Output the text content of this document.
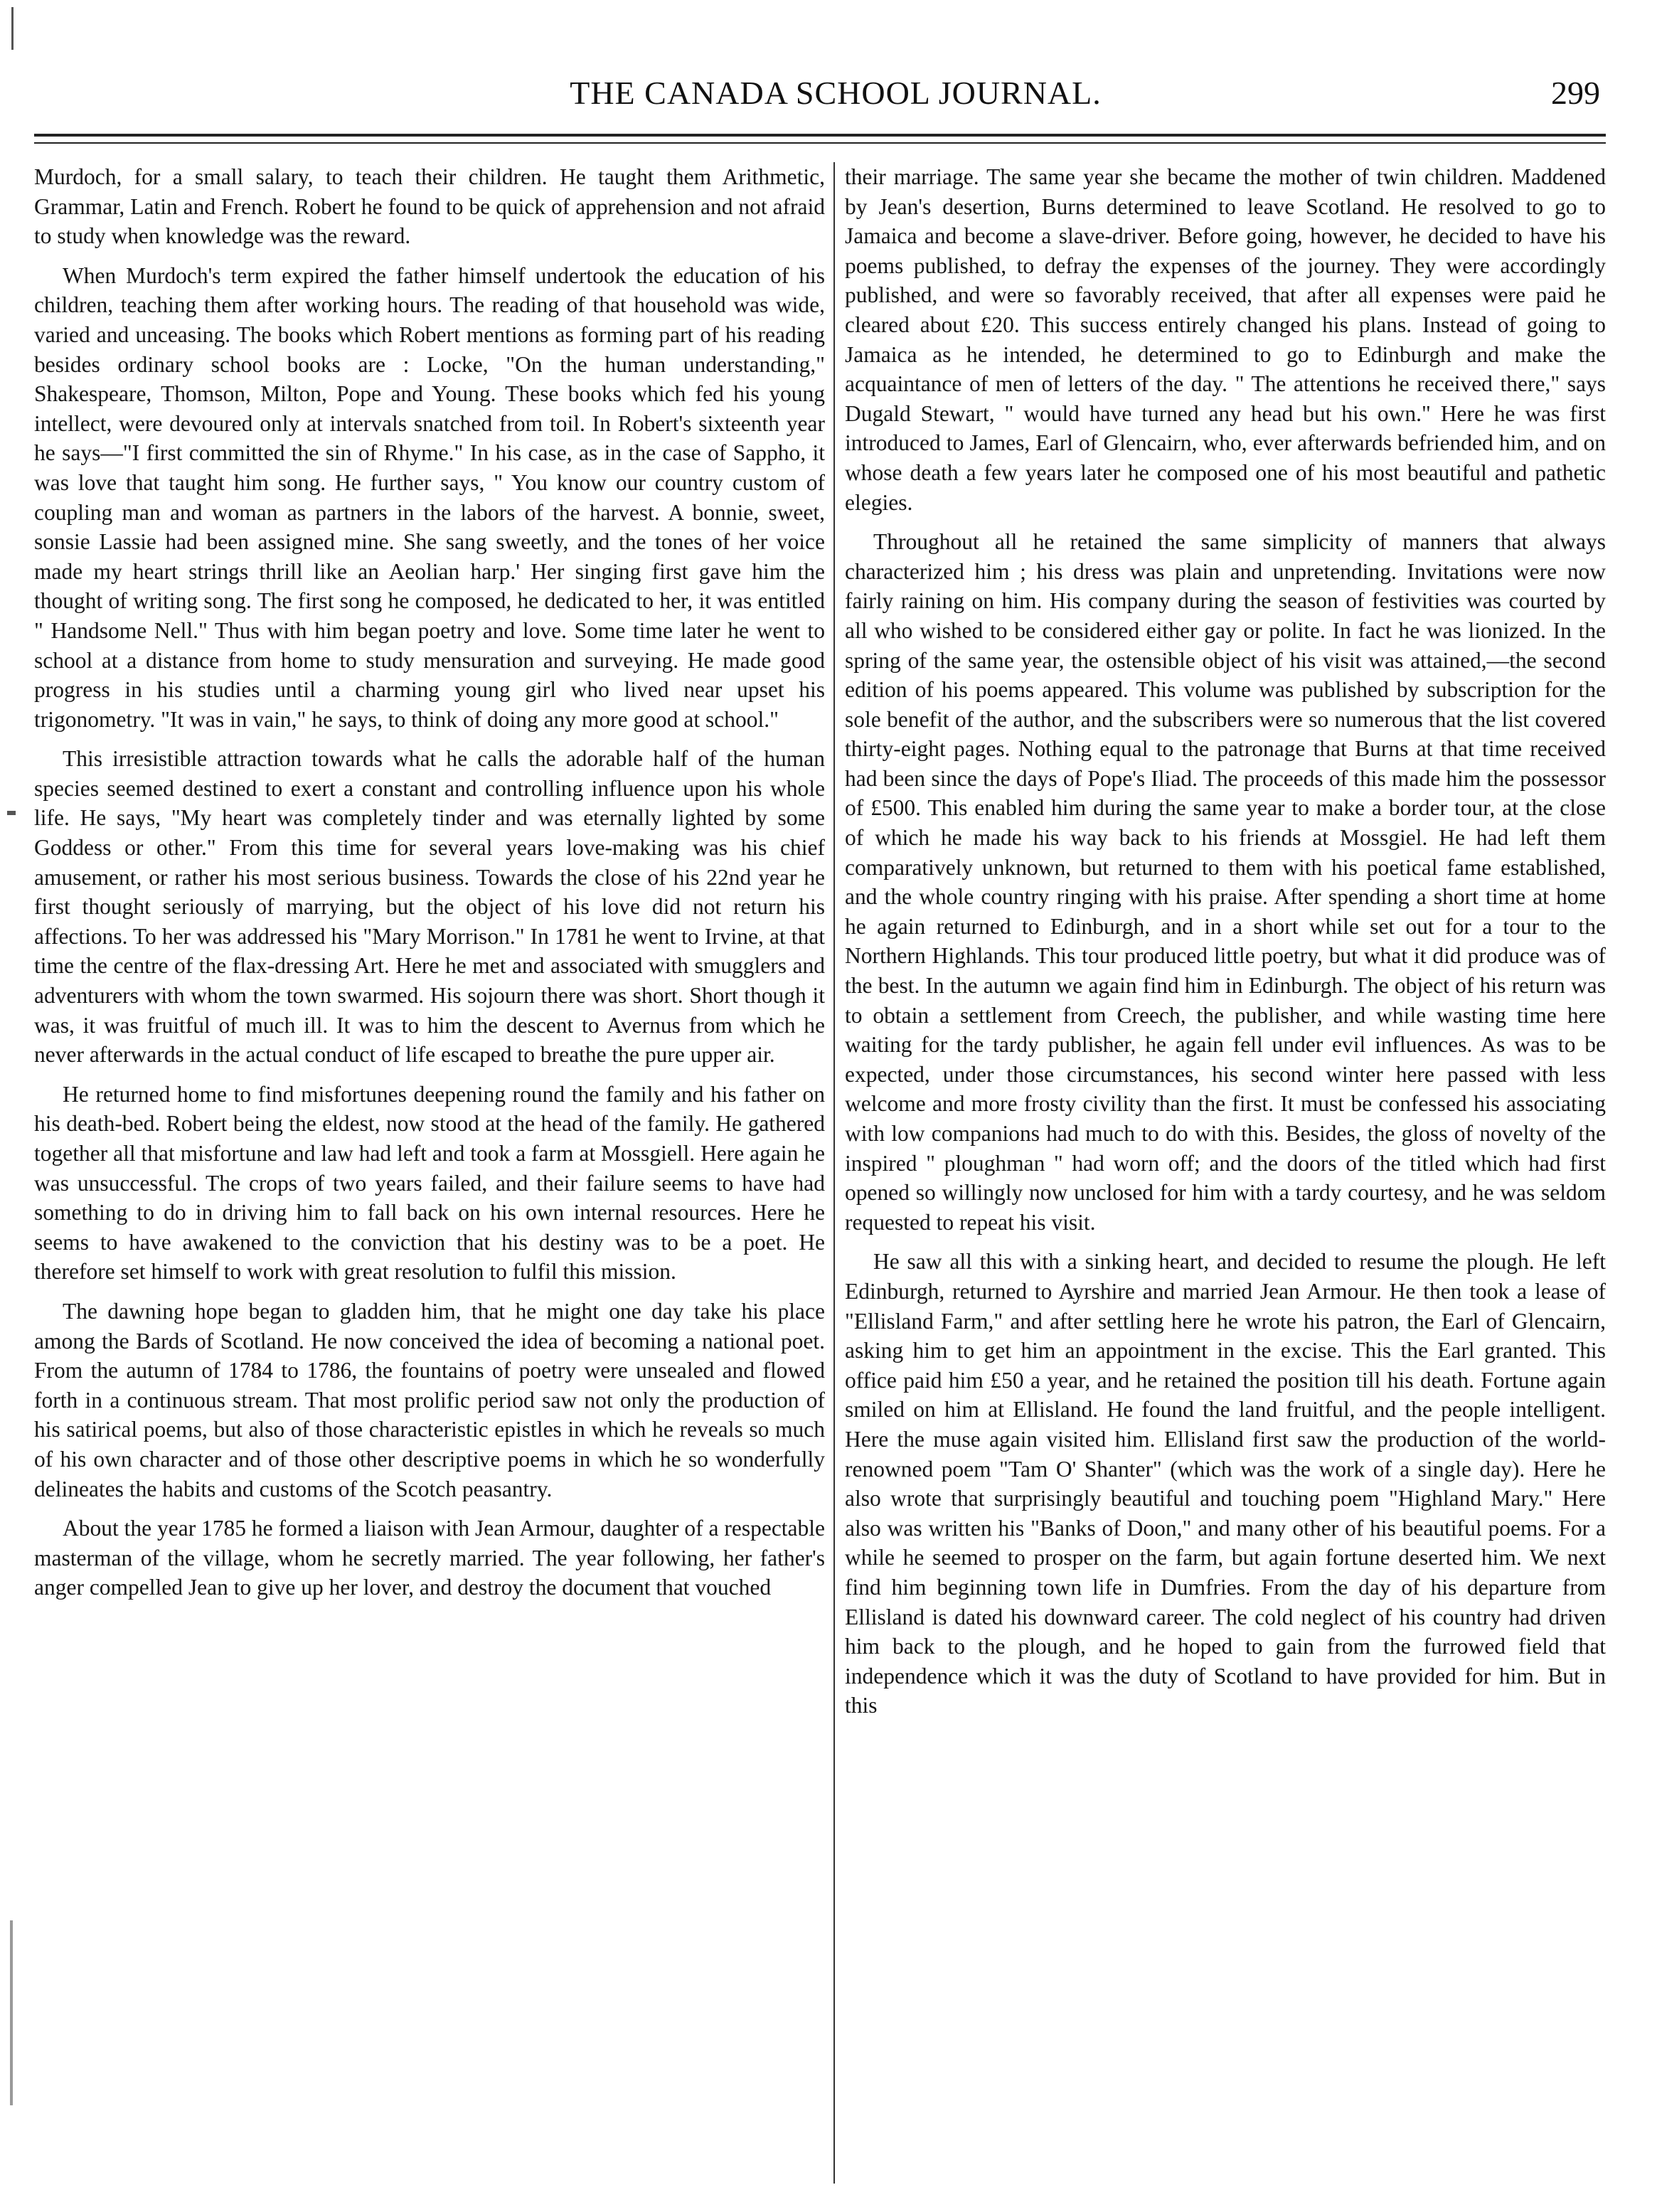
THE CANADA SCHOOL JOURNAL.	299

Murdoch, for a small salary, to teach their children. He taught them Arithmetic, Grammar, Latin and French. Robert he found to be quick of apprehension and not afraid to study when knowledge was the reward.

When Murdoch's term expired the father himself undertook the education of his children, teaching them after working hours. The reading of that household was wide, varied and unceasing. The books which Robert mentions as forming part of his reading besides ordinary school books are : Locke, "On the human understanding," Shakespeare, Thomson, Milton, Pope and Young. These books which fed his young intellect, were devoured only at intervals snatched from toil. In Robert's sixteenth year he says—"I first committed the sin of Rhyme." In his case, as in the case of Sappho, it was love that taught him song. He further says, " You know our country custom of coupling man and woman as partners in the labors of the harvest. A bonnie, sweet, sonsie Lassie had been assigned mine. She sang sweetly, and the tones of her voice made my heart strings thrill like an Aeolian harp.' Her singing first gave him the thought of writing song. The first song he composed, he dedicated to her, it was entitled " Handsome Nell." Thus with him began poetry and love. Some time later he went to school at a distance from home to study mensuration and surveying. He made good progress in his studies until a charming young girl who lived near upset his trigonometry. "It was in vain," he says, to think of doing any more good at school."

This irresistible attraction towards what he calls the adorable half of the human species seemed destined to exert a constant and controlling influence upon his whole life. He says, "My heart was completely tinder and was eternally lighted by some Goddess or other." From this time for several years love-making was his chief amusement, or rather his most serious business. Towards the close of his 22nd year he first thought seriously of marrying, but the object of his love did not return his affections. To her was addressed his "Mary Morrison." In 1781 he went to Irvine, at that time the centre of the flax-dressing Art. Here he met and associated with smugglers and adventurers with whom the town swarmed. His sojourn there was short. Short though it was, it was fruitful of much ill. It was to him the descent to Avernus from which he never afterwards in the actual conduct of life escaped to breathe the pure upper air.

He returned home to find misfortunes deepening round the family and his father on his death-bed. Robert being the eldest, now stood at the head of the family. He gathered together all that misfortune and law had left and took a farm at Mossgiell. Here again he was unsuccessful. The crops of two years failed, and their failure seems to have had something to do in driving him to fall back on his own internal resources. Here he seems to have awakened to the conviction that his destiny was to be a poet. He therefore set himself to work with great resolution to fulfil this mission.

The dawning hope began to gladden him, that he might one day take his place among the Bards of Scotland. He now conceived the idea of becoming a national poet. From the autumn of 1784 to 1786, the fountains of poetry were unsealed and flowed forth in a continuous stream. That most prolific period saw not only the production of his satirical poems, but also of those characteristic epistles in which he reveals so much of his own character and of those other descriptive poems in which he so wonderfully delineates the habits and customs of the Scotch peasantry.

About the year 1785 he formed a liaison with Jean Armour, daughter of a respectable masterman of the village, whom he secretly married. The year following, her father's anger compelled Jean to give up her lover, and destroy the document that vouched

their marriage. The same year she became the mother of twin children. Maddened by Jean's desertion, Burns determined to leave Scotland. He resolved to go to Jamaica and become a slave-driver. Before going, however, he decided to have his poems published, to defray the expenses of the journey. They were accordingly published, and were so favorably received, that after all expenses were paid he cleared about £20. This success entirely changed his plans. Instead of going to Jamaica as he intended, he determined to go to Edinburgh and make the acquaintance of men of letters of the day. " The attentions he received there," says Dugald Stewart, " would have turned any head but his own." Here he was first introduced to James, Earl of Glencairn, who, ever afterwards befriended him, and on whose death a few years later he composed one of his most beautiful and pathetic elegies.

Throughout all he retained the same simplicity of manners that always characterized him ; his dress was plain and unpretending. Invitations were now fairly raining on him. His company during the season of festivities was courted by all who wished to be considered either gay or polite. In fact he was lionized. In the spring of the same year, the ostensible object of his visit was attained,—the second edition of his poems appeared. This volume was published by subscription for the sole benefit of the author, and the subscribers were so numerous that the list covered thirty-eight pages. Nothing equal to the patronage that Burns at that time received had been since the days of Pope's Iliad. The proceeds of this made him the possessor of £500. This enabled him during the same year to make a border tour, at the close of which he made his way back to his friends at Mossgiel. He had left them comparatively unknown, but returned to them with his poetical fame established, and the whole country ringing with his praise. After spending a short time at home he again returned to Edinburgh, and in a short while set out for a tour to the Northern Highlands. This tour produced little poetry, but what it did produce was of the best. In the autumn we again find him in Edinburgh. The object of his return was to obtain a settlement from Creech, the publisher, and while wasting time here waiting for the tardy publisher, he again fell under evil influences. As was to be expected, under those circumstances, his second winter here passed with less welcome and more frosty civility than the first. It must be confessed his associating with low companions had much to do with this. Besides, the gloss of novelty of the inspired " ploughman " had worn off; and the doors of the titled which had first opened so willingly now unclosed for him with a tardy courtesy, and he was seldom requested to repeat his visit.

He saw all this with a sinking heart, and decided to resume the plough. He left Edinburgh, returned to Ayrshire and married Jean Armour. He then took a lease of "Ellisland Farm," and after settling here he wrote his patron, the Earl of Glencairn, asking him to get him an appointment in the excise. This the Earl granted. This office paid him £50 a year, and he retained the position till his death. Fortune again smiled on him at Ellisland. He found the land fruitful, and the people intelligent. Here the muse again visited him. Ellisland first saw the production of the world-renowned poem "Tam O' Shanter" (which was the work of a single day). Here he also wrote that surprisingly beautiful and touching poem "Highland Mary." Here also was written his "Banks of Doon," and many other of his beautiful poems. For a while he seemed to prosper on the farm, but again fortune deserted him. We next find him beginning town life in Dumfries. From the day of his departure from Ellisland is dated his downward career. The cold neglect of his country had driven him back to the plough, and he hoped to gain from the furrowed field that independence which it was the duty of Scotland to have provided for him. But in this
